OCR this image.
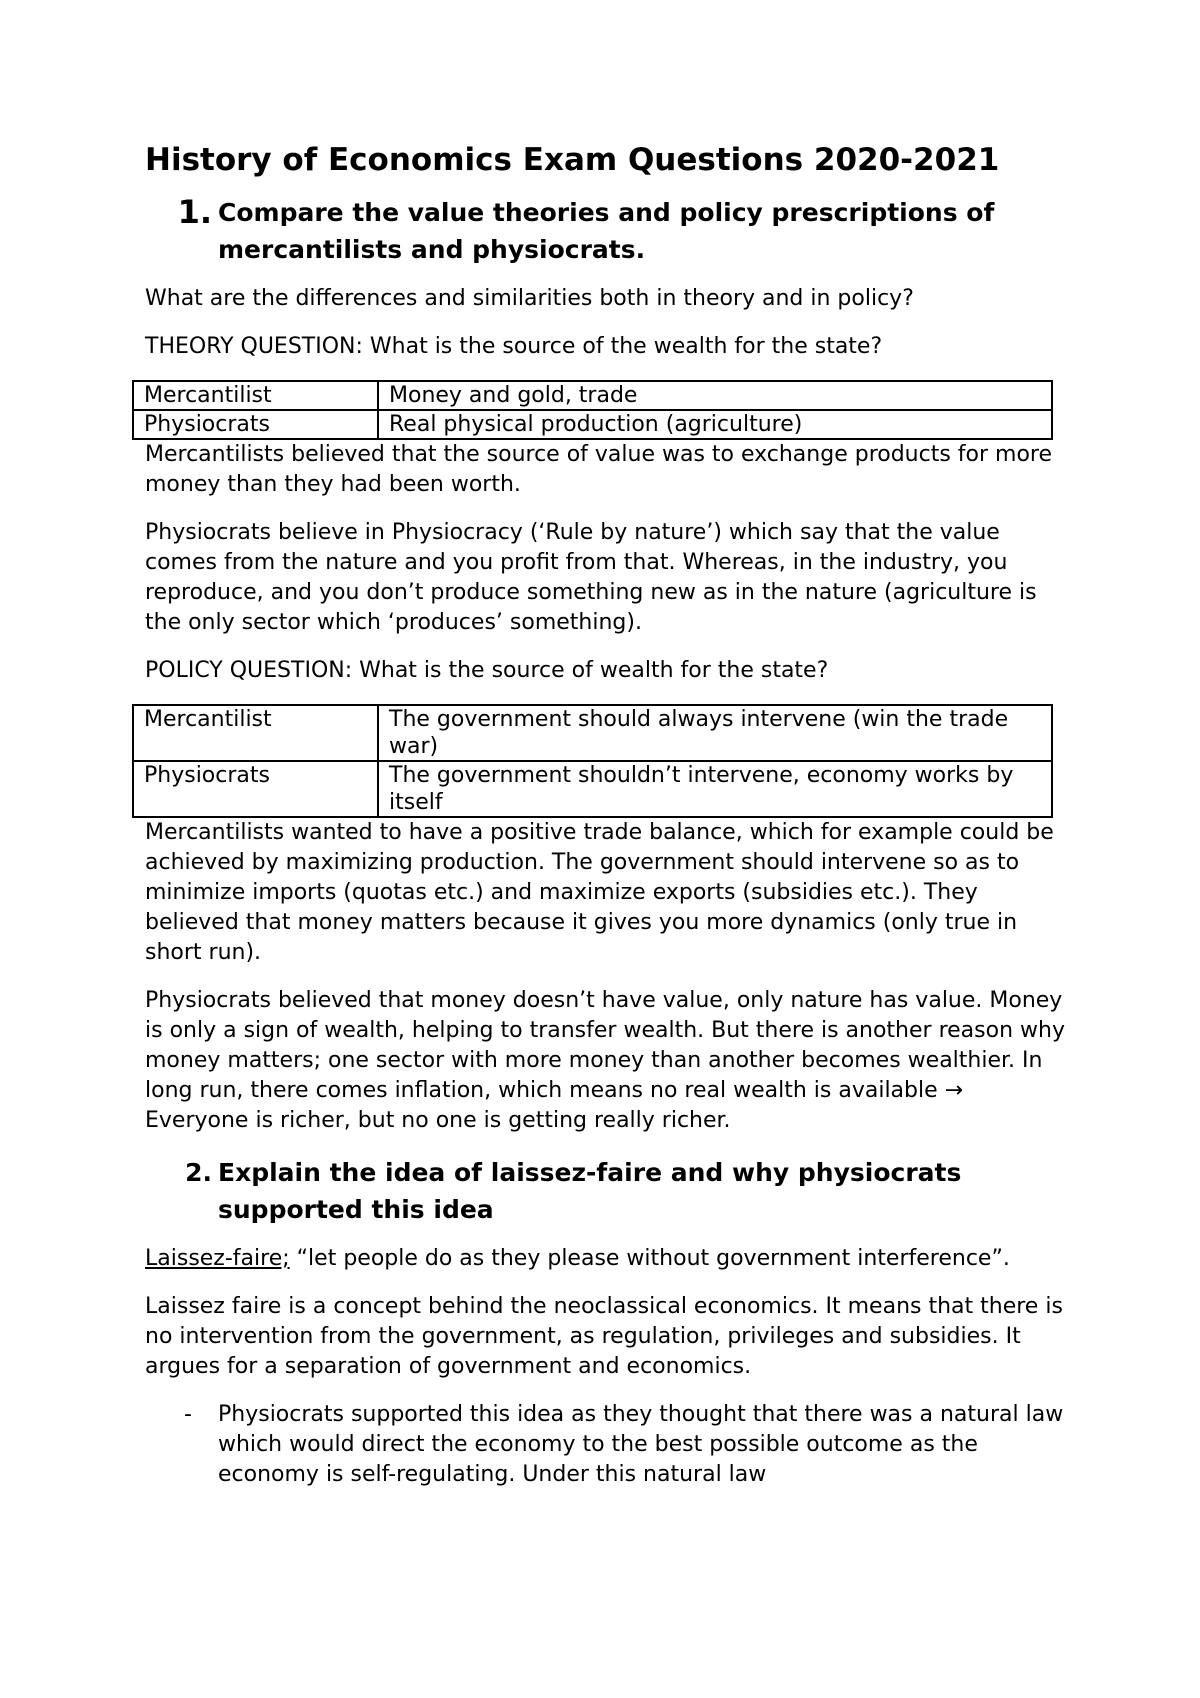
History of Economics Exam Questions 2020-2021
1. Compare the value theories and policy prescriptions of mercantilists and physiocrats.

What are the differences and similarities both in theory and in policy?

THEORY QUESTION: What is the source of the wealth for the state?

Mercantilist	Money and gold, trade
Physiocrats	Real physical production (agriculture)

Mercantilists believed that the source of value was to exchange products for more money than they had been worth.

Physiocrats believe in Physiocracy (‘Rule by nature’) which say that the value comes from the nature and you profit from that. Whereas, in the industry, you reproduce, and you don’t produce something new as in the nature (agriculture is the only sector which ‘produces’ something).

POLICY QUESTION: What is the source of wealth for the state?

Mercantilist	The government should always intervene (win the trade war)
Physiocrats	The government shouldn’t intervene, economy works by itself

Mercantilists wanted to have a positive trade balance, which for example could be achieved by maximizing production. The government should intervene so as to minimize imports (quotas etc.) and maximize exports (subsidies etc.). They believed that money matters because it gives you more dynamics (only true in short run).

Physiocrats believed that money doesn’t have value, only nature has value. Money is only a sign of wealth, helping to transfer wealth. But there is another reason why money matters; one sector with more money than another becomes wealthier. In long run, there comes inflation, which means no real wealth is available → Everyone is richer, but no one is getting really richer.

2. Explain the idea of laissez-faire and why physiocrats supported this idea

Laissez-faire; “let people do as they please without government interference”.

Laissez faire is a concept behind the neoclassical economics. It means that there is no intervention from the government, as regulation, privileges and subsidies. It argues for a separation of government and economics.

-	Physiocrats supported this idea as they thought that there was a natural law which would direct the economy to the best possible outcome as the economy is self-regulating. Under this natural law
